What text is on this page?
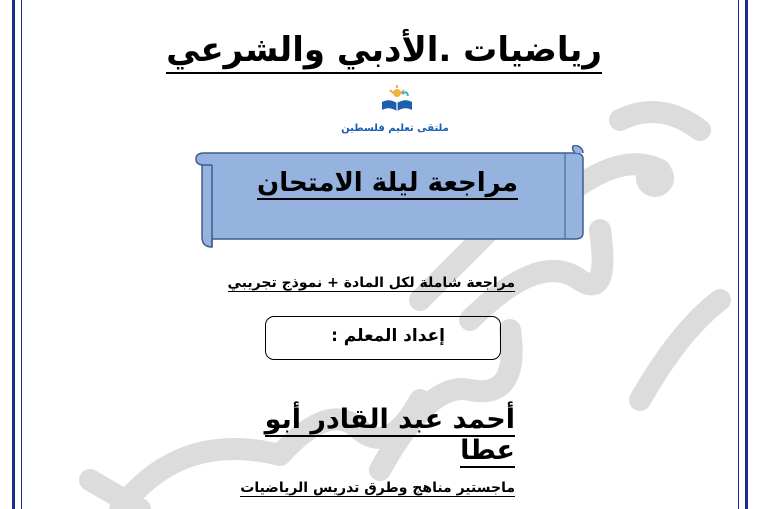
رياضيات .الأدبي والشرعي
ملتقى تعليم فلسطين
مراجعة ليلة الامتحان
مراجعة شاملة لكل المادة + نموذج تجريبي
إعداد المعلم :
أحمد عبد القادر أبو عطا
ماجستير مناهج وطرق تدريس الرياضيات
